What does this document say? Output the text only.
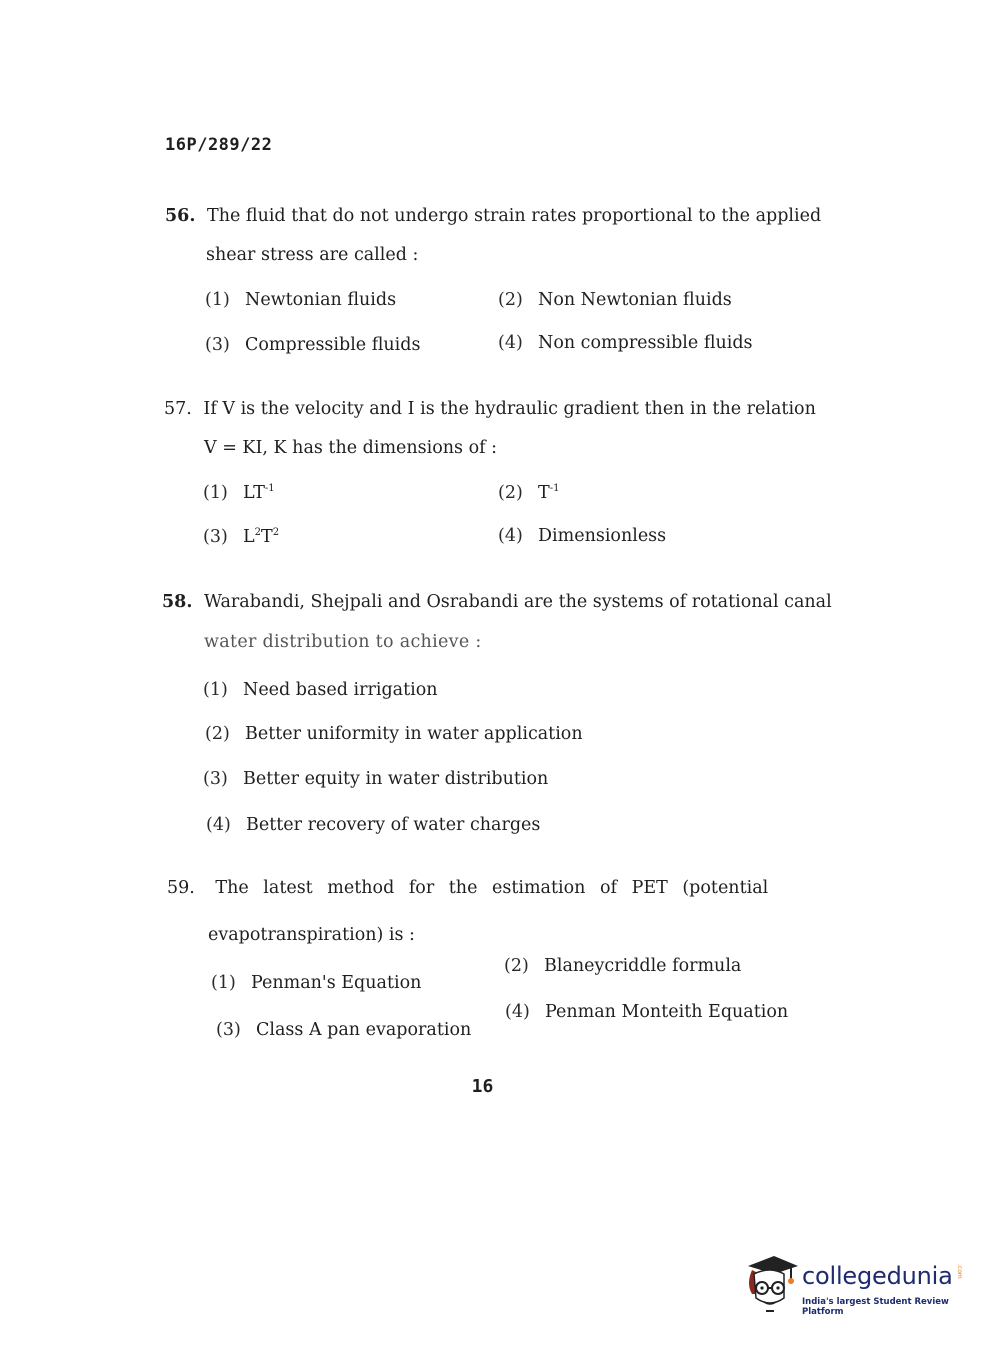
16P/289/22
56. The fluid that do not undergo strain rates proportional to the applied
shear stress are called :
(1) Newtonian fluids	(2) Non Newtonian fluids
(3) Compressible fluids	(4) Non compressible fluids
57. If V is the velocity and I is the hydraulic gradient then in the relation
V = KI, K has the dimensions of :
(1) $LT^{-1}$	(2) $T^{-1}$
(3) $L^2T^2$	(4) Dimensionless
58. Warabandi, Shejpali and Osrabandi are the systems of rotational canal
water distribution to achieve :
(1) Need based irrigation
(2) Better uniformity in water application
(3) Better equity in water distribution
(4) Better recovery of water charges
59. The latest method for the estimation of PET (potential
evapotranspiration) is :
(1) Penman's Equation
(2) Blaneycriddle formula
(3) Class A pan evaporation
(4) Penman Monteith Equation
16
collegedunia .com
India's largest Student Review Platform
